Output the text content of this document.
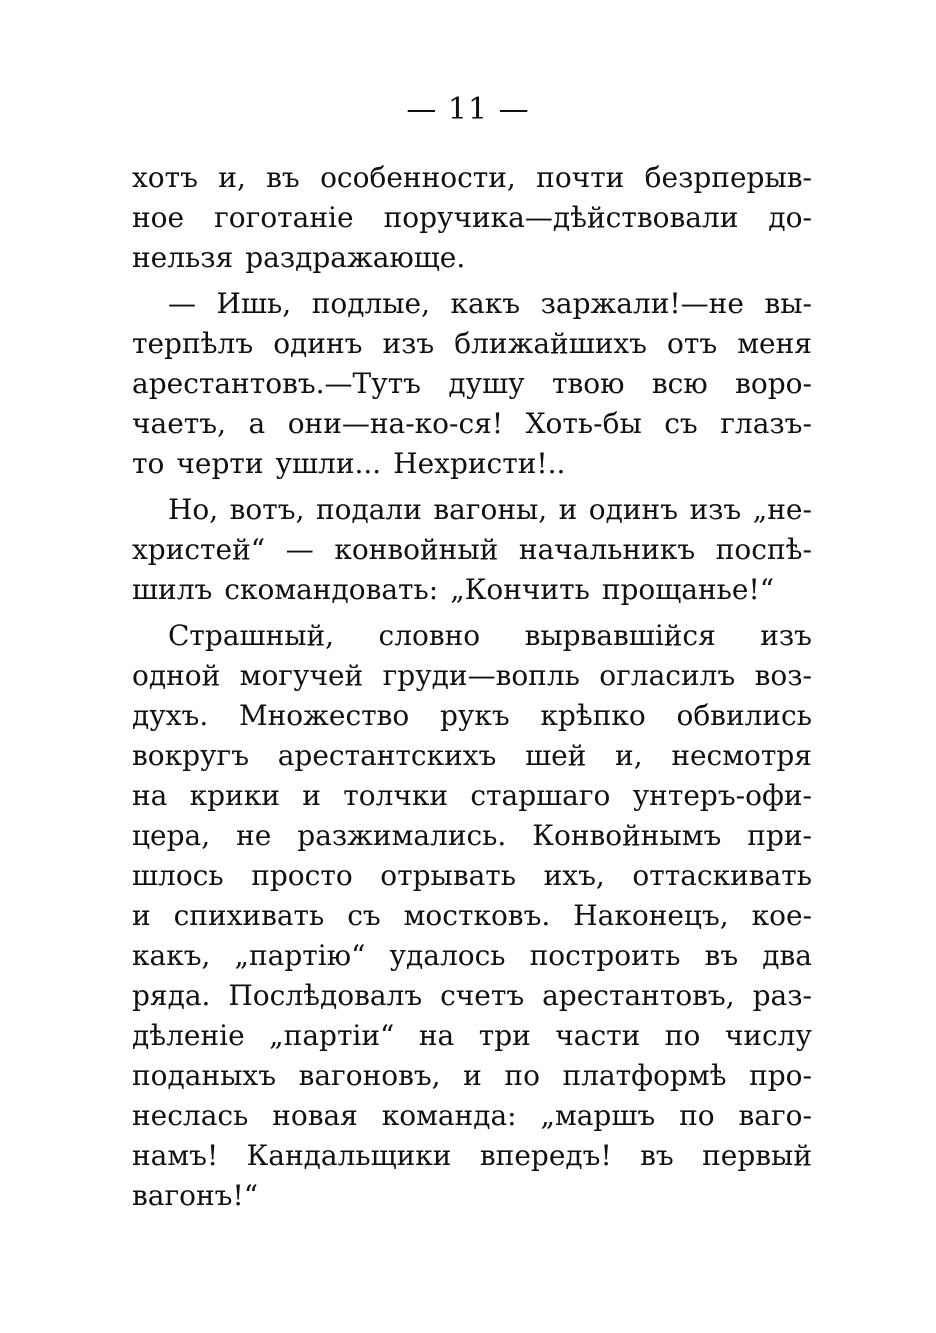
— 11 —
хотъ и, въ особенности, почти безрперыв-
ное гоготаніе поручика—дѣйствовали до-
нельзя раздражающе.
— Ишь, подлые, какъ заржали!—не вы-
терпѣлъ одинъ изъ ближайшихъ отъ меня
арестантовъ.—Тутъ душу твою всю воро-
чаетъ, а они—на-ко-ся! Хоть-бы съ глазъ-
то черти ушли... Нехристи!..
Но, вотъ, подали вагоны, и одинъ изъ „не-
христей“ — конвойный начальникъ поспѣ-
шилъ скомандовать: „Кончить прощанье!“
Страшный, словно вырвавшійся изъ
одной могучей груди—вопль огласилъ воз-
духъ. Множество рукъ крѣпко обвились
вокругъ арестантскихъ шей и, несмотря
на крики и толчки старшаго унтеръ-офи-
цера, не разжимались. Конвойнымъ при-
шлось просто отрывать ихъ, оттаскивать
и спихивать съ мостковъ. Наконецъ, кое-
какъ, „партію“ удалось построить въ два
ряда. Послѣдовалъ счетъ арестантовъ, раз-
дѣленіе „партіи“ на три части по числу
поданыхъ вагоновъ, и по платформѣ про-
неслась новая команда: „маршъ по ваго-
намъ! Кандальщики впередъ! въ первый
вагонъ!“
